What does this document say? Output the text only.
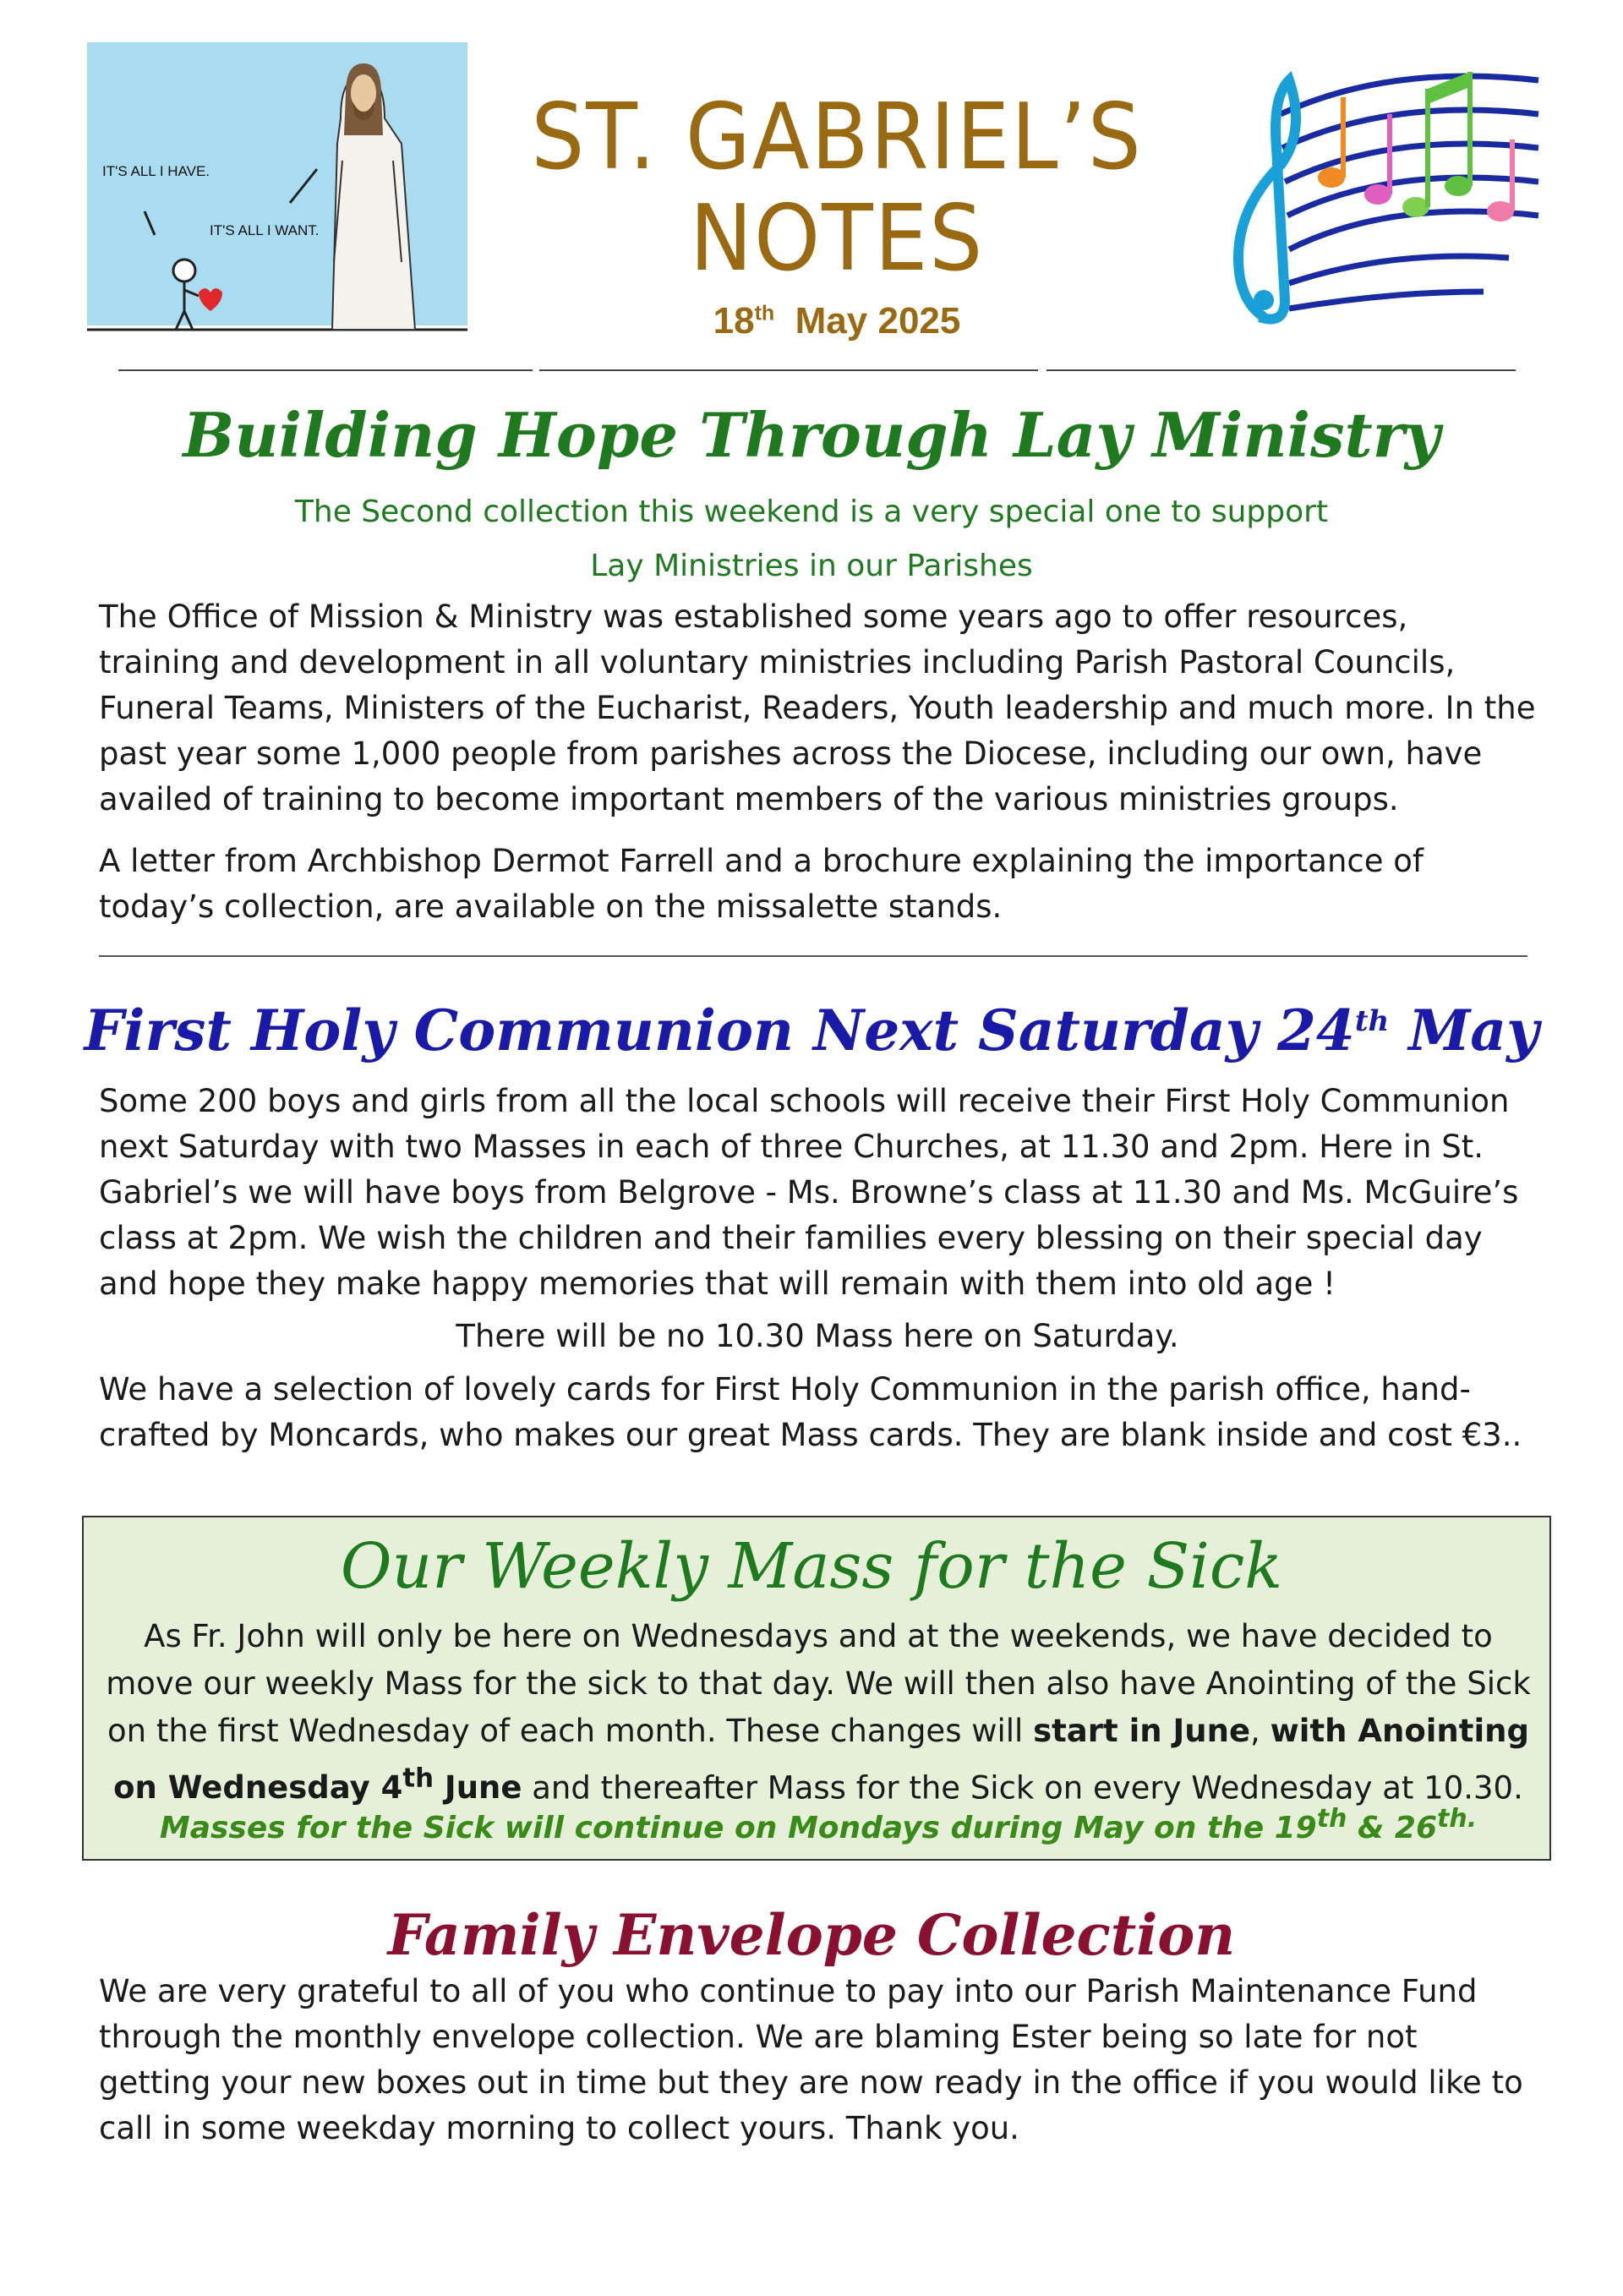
IT'S ALL I HAVE.
IT'S ALL I WANT.
ST. GABRIEL’S
NOTES
18th May 2025
Building Hope Through Lay Ministry

The Second collection this weekend is a very special one to support

Lay Ministries in our Parishes

The Office of Mission & Ministry was established some years ago to offer resources, training and development in all voluntary ministries including Parish Pastoral Councils, Funeral Teams, Ministers of the Eucharist, Readers, Youth leadership and much more. In the past year some 1,000 people from parishes across the Diocese, including our own, have availed of training to become important members of the various ministries groups.

A letter from Archbishop Dermot Farrell and a brochure explaining the importance of today’s collection, are available on the missalette stands.

First Holy Communion Next Saturday 24th May

Some 200 boys and girls from all the local schools will receive their First Holy Communion next Saturday with two Masses in each of three Churches, at 11.30 and 2pm. Here in St. Gabriel’s we will have boys from Belgrove - Ms. Browne’s class at 11.30 and Ms. McGuire’s class at 2pm. We wish the children and their families every blessing on their special day and hope they make happy memories that will remain with them into old age !

There will be no 10.30 Mass here on Saturday.

We have a selection of lovely cards for First Holy Communion in the parish office, hand-crafted by Moncards, who makes our great Mass cards. They are blank inside and cost €3..

Our Weekly Mass for the Sick

As Fr. John will only be here on Wednesdays and at the weekends, we have decided to move our weekly Mass for the sick to that day. We will then also have Anointing of the Sick on the first Wednesday of each month. These changes will start in June, with Anointing on Wednesday 4th June and thereafter Mass for the Sick on every Wednesday at 10.30.

Masses for the Sick will continue on Mondays during May on the 19th & $26^{th.}$

Family Envelope Collection

We are very grateful to all of you who continue to pay into our Parish Maintenance Fund through the monthly envelope collection. We are blaming Ester being so late for not getting your new boxes out in time but they are now ready in the office if you would like to call in some weekday morning to collect yours. Thank you.
